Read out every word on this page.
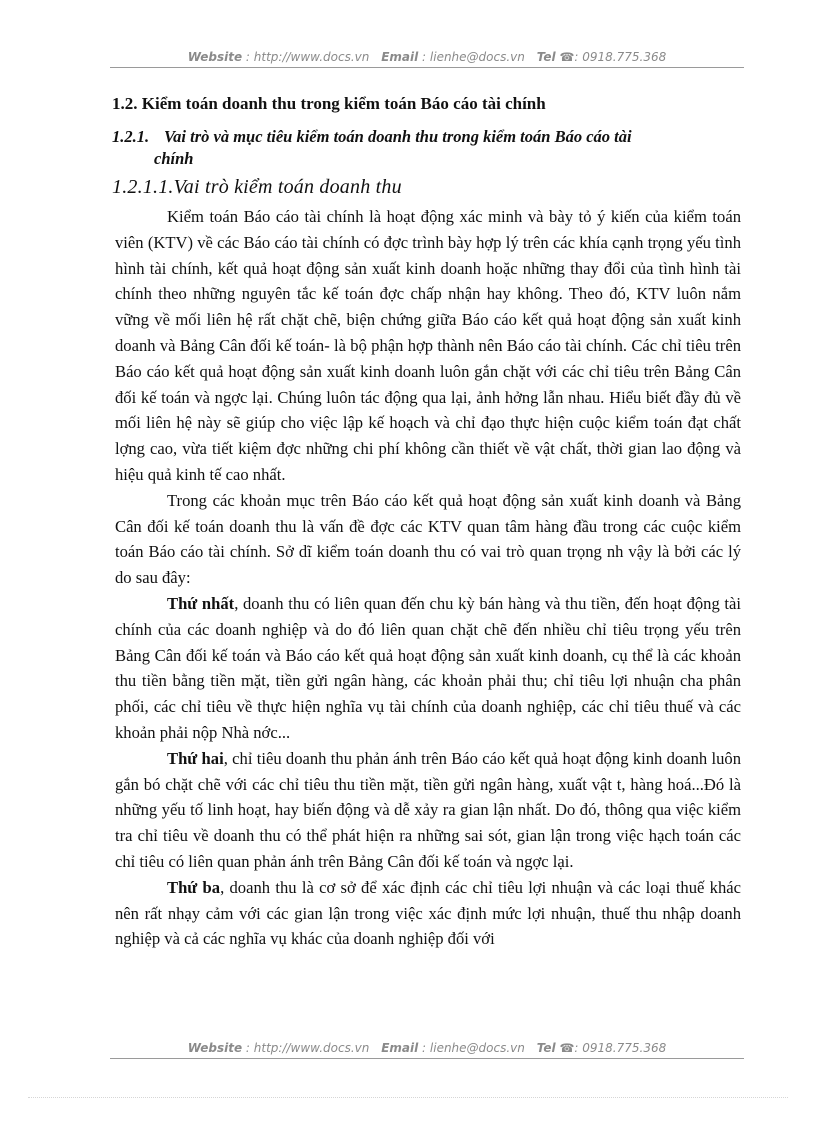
Website : http://www.docs.vn Email : lienhe@docs.vn Tel ☎: 0918.775.368
1.2. Kiểm toán doanh thu trong kiểm toán Báo cáo tài chính
1.2.1. Vai trò và mục tiêu kiểm toán doanh thu trong kiểm toán Báo cáo tài
chính
1.2.1.1.Vai trò kiểm toán doanh thu

Kiểm toán Báo cáo tài chính là hoạt động xác minh và bày tỏ ý kiến của kiểm toán viên (KTV) về các Báo cáo tài chính có đợc trình bày hợp lý trên các khía cạnh trọng yếu tình hình tài chính, kết quả hoạt động sản xuất kinh doanh hoặc những thay đổi của tình hình tài chính theo những nguyên tắc kế toán đợc chấp nhận hay không. Theo đó, KTV luôn nắm vững về mối liên hệ rất chặt chẽ, biện chứng giữa Báo cáo kết quả hoạt động sản xuất kinh doanh và Bảng Cân đối kế toán- là bộ phận hợp thành nên Báo cáo tài chính. Các chỉ tiêu trên Báo cáo kết quả hoạt động sản xuất kinh doanh luôn gắn chặt với các chỉ tiêu trên Bảng Cân đối kế toán và ngợc lại. Chúng luôn tác động qua lại, ảnh hởng lẫn nhau. Hiểu biết đầy đủ về mối liên hệ này sẽ giúp cho việc lập kế hoạch và chỉ đạo thực hiện cuộc kiểm toán đạt chất lợng cao, vừa tiết kiệm đợc những chi phí không cần thiết về vật chất, thời gian lao động và hiệu quả kinh tế cao nhất.

Trong các khoản mục trên Báo cáo kết quả hoạt động sản xuất kinh doanh và Bảng Cân đối kế toán doanh thu là vấn đề đợc các KTV quan tâm hàng đầu trong các cuộc kiểm toán Báo cáo tài chính. Sở dĩ kiểm toán doanh thu có vai trò quan trọng nh vậy là bởi các lý do sau đây:

Thứ nhất, doanh thu có liên quan đến chu kỳ bán hàng và thu tiền, đến hoạt động tài chính của các doanh nghiệp và do đó liên quan chặt chẽ đến nhiều chỉ tiêu trọng yếu trên Bảng Cân đối kế toán và Báo cáo kết quả hoạt động sản xuất kinh doanh, cụ thể là các khoản thu tiền bằng tiền mặt, tiền gửi ngân hàng, các khoản phải thu; chỉ tiêu lợi nhuận cha phân phối, các chỉ tiêu về thực hiện nghĩa vụ tài chính của doanh nghiệp, các chỉ tiêu thuế và các khoản phải nộp Nhà nớc...

Thứ hai, chỉ tiêu doanh thu phản ánh trên Báo cáo kết quả hoạt động kinh doanh luôn gắn bó chặt chẽ với các chỉ tiêu thu tiền mặt, tiền gửi ngân hàng, xuất vật t, hàng hoá...Đó là những yếu tố linh hoạt, hay biến động và dễ xảy ra gian lận nhất. Do đó, thông qua việc kiểm tra chỉ tiêu về doanh thu có thể phát hiện ra những sai sót, gian lận trong việc hạch toán các chỉ tiêu có liên quan phản ánh trên Bảng Cân đối kế toán và ngợc lại.

Thứ ba, doanh thu là cơ sở để xác định các chỉ tiêu lợi nhuận và các loại thuế khác nên rất nhạy cảm với các gian lận trong việc xác định mức lợi nhuận, thuế thu nhập doanh nghiệp và cả các nghĩa vụ khác của doanh nghiệp đối với

Website : http://www.docs.vn Email : lienhe@docs.vn Tel ☎: 0918.775.368
